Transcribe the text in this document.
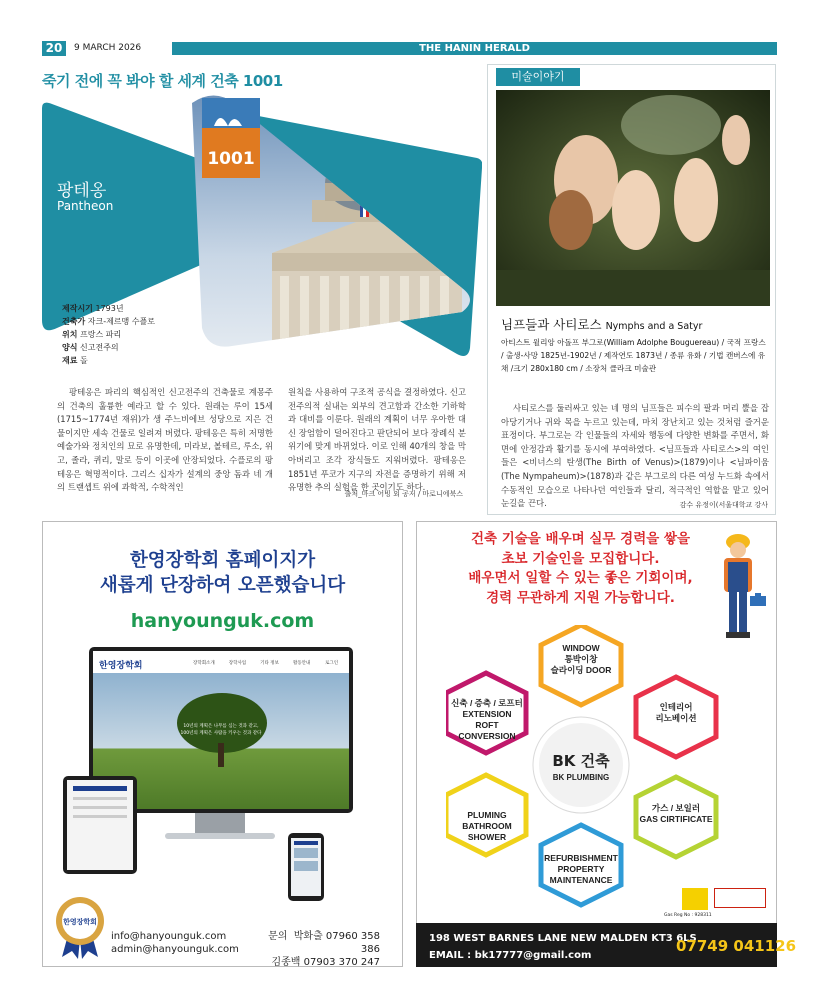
20	9 MARCH 2026	THE HANIN HERALD
죽기 전에 꼭 봐야 할 세계 건축 1001
1001
팡테옹
Pantheon
제작시기 1793년
건축가 자크-제르맹 수플로
위치 프랑스 파리
양식 신고전주의
재료 돌
팡테옹은 파리의 핵심적인 신고전주의 건축물로 계몽주의 건축의 훌륭한 예라고 할 수 있다. 원래는 루이 15세(1715~1774년 재위)가 생 주느비에브 성당으로 지은 건물이지만 세속 건물로 일려져 버렸다. 팡테옹은 특히 저명한 예술가와 정치인의 묘로 유명한데, 미라보, 볼테르, 루소, 위고, 졸라, 퀴리, 말로 등이 이곳에 안장되었다. 수플로의 팡테옹은 혁명적이다. 그리스 십자가 설계의 중앙 돔과 네 개의 트랜셉트 위에 과학적, 수학적인
원칙을 사용하여 구조적 공식을 결정하였다. 신고전주의적 실내는 외부의 견고함과 간소한 기하학과 대비를 이룬다. 원래의 계획이 너무 우아한 대신 장엄함이 덜어진다고 판단되어 보다 장례식 분위기에 맞게 바뀌었다. 이로 인해 40개의 창을 막아버리고 조각 장식들도 지워버렸다. 팡테옹은 1851년 푸코가 지구의 자전을 증명하기 위해 저 유명한 추의 실험을 한 곳이기도 하다.
출처_마크 어빙 외 공저 / 마로니에북스
미술이야기
님프들과 사티로스 Nymphs and a Satyr
아티스트 윌리앙 아돌프 부그로(William Adolphe Bouguereau) / 국적 프랑스 / 출생-사망 1825년-1902년 / 제작연도 1873년 / 종류 유화 / 기법 캔버스에 유채 /크기 280x180 cm / 소장처 클라크 미술관
사티로스를 둘러싸고 있는 네 명의 님프들은 피수의 팔과 머리 뿔을 잡아당기거나 귀와 목을 누르고 있는데, 마치 장난치고 있는 것처럼 즐거운 표정이다. 부그로는 각 인물들의 자세와 행동에 다양한 변화를 주면서, 화면에 안정감과 활기를 동시에 부여하였다. <님프들과 사티로스>의 여인들은 <비너스의 탄생(The Birth of Venus)>(1879)이나 <님파이움(The Nympaheum)>(1878)과 같은 부그로의 다른 여성 누드화 속에서 수동적인 모습으로 나타나던 여인들과 달리, 적극적인 역할을 맡고 있어 눈길을 끈다.	감수 유정이(서울대학교 강사
한영장학회 홈페이지가
새롭게 단장하여 오픈했습니다
hanyounguk.com
한영장학회	장학회소개	장학사업	기타 정보	활동안내	로그인
10년의 계획은 나무를 심는 것과 같고,
100년의 계획은 사람을 키우는 것과 같다
한영장학회
info@hanyounguk.com
admin@hanyounguk.com
문의 박화출 07960 358 386
김종백 07903 370 247
건축 기술을 배우며 실무 경력을 쌓을
초보 기술인을 모집합니다.
배우면서 일할 수 있는 좋은 기회이며,
경력 무관하게 지원 가능합니다.
WINDOW
통박이창
슬라이딩 DOOR
인테리어
리노베이션
가스 / 보일러
GAS CIRTIFICATE
REFURBISHMENT
PROPERTY
MAINTENANCE
PLUMING
BATHROOM
SHOWER
신축 / 증축 / 로프터
EXTENSION
ROFT CONVERSION
BK 건축
BK PLUMBING
Gas Reg No : 928311
198 WEST BARNES LANE NEW MALDEN KT3 6LS
EMAIL : bk17777@gmail.com
07749 041126
